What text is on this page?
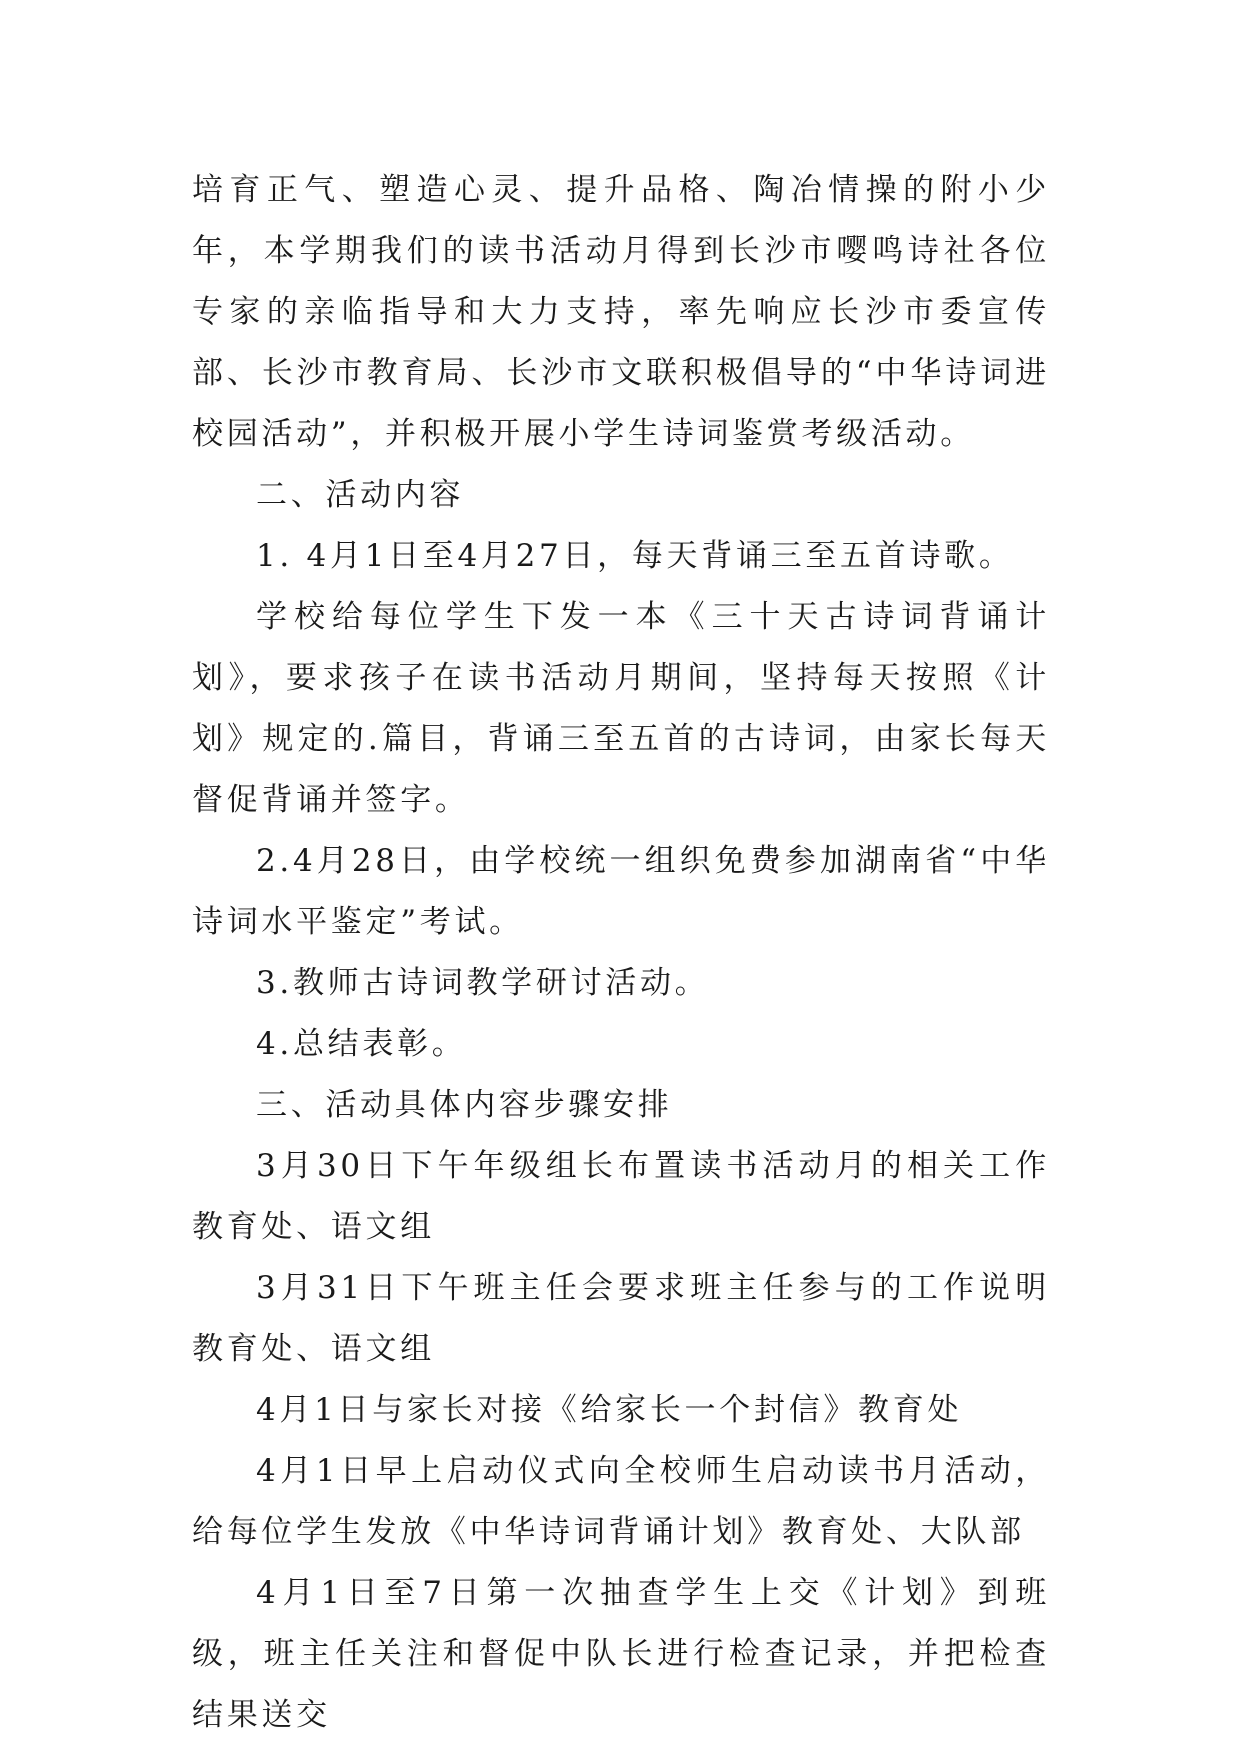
培育正气、塑造心灵、提升品格、陶冶情操的附小少年，本学期我们的读书活动月得到长沙市嘤鸣诗社各位专家的亲临指导和大力支持，率先响应长沙市委宣传部、长沙市教育局、长沙市文联积极倡导的“中华诗词进校园活动”，并积极开展小学生诗词鉴赏考级活动。

二、活动内容

1. 4月1日至4月27日，每天背诵三至五首诗歌。

学校给每位学生下发一本《三十天古诗词背诵计划》，要求孩子在读书活动月期间，坚持每天按照《计划》规定的.篇目，背诵三至五首的古诗词，由家长每天督促背诵并签字。

2.4月28日，由学校统一组织免费参加湖南省“中华诗词水平鉴定”考试。

3.教师古诗词教学研讨活动。

4.总结表彰。

三、活动具体内容步骤安排

3月30日下午年级组长布置读书活动月的相关工作教育处、语文组

3月31日下午班主任会要求班主任参与的工作说明教育处、语文组

4月1日与家长对接《给家长一个封信》教育处

4月1日早上启动仪式向全校师生启动读书月活动，给每位学生发放《中华诗词背诵计划》教育处、大队部

4月1日至7日第一次抽查学生上交《计划》到班级，班主任关注和督促中队长进行检查记录，并把检查结果送交
